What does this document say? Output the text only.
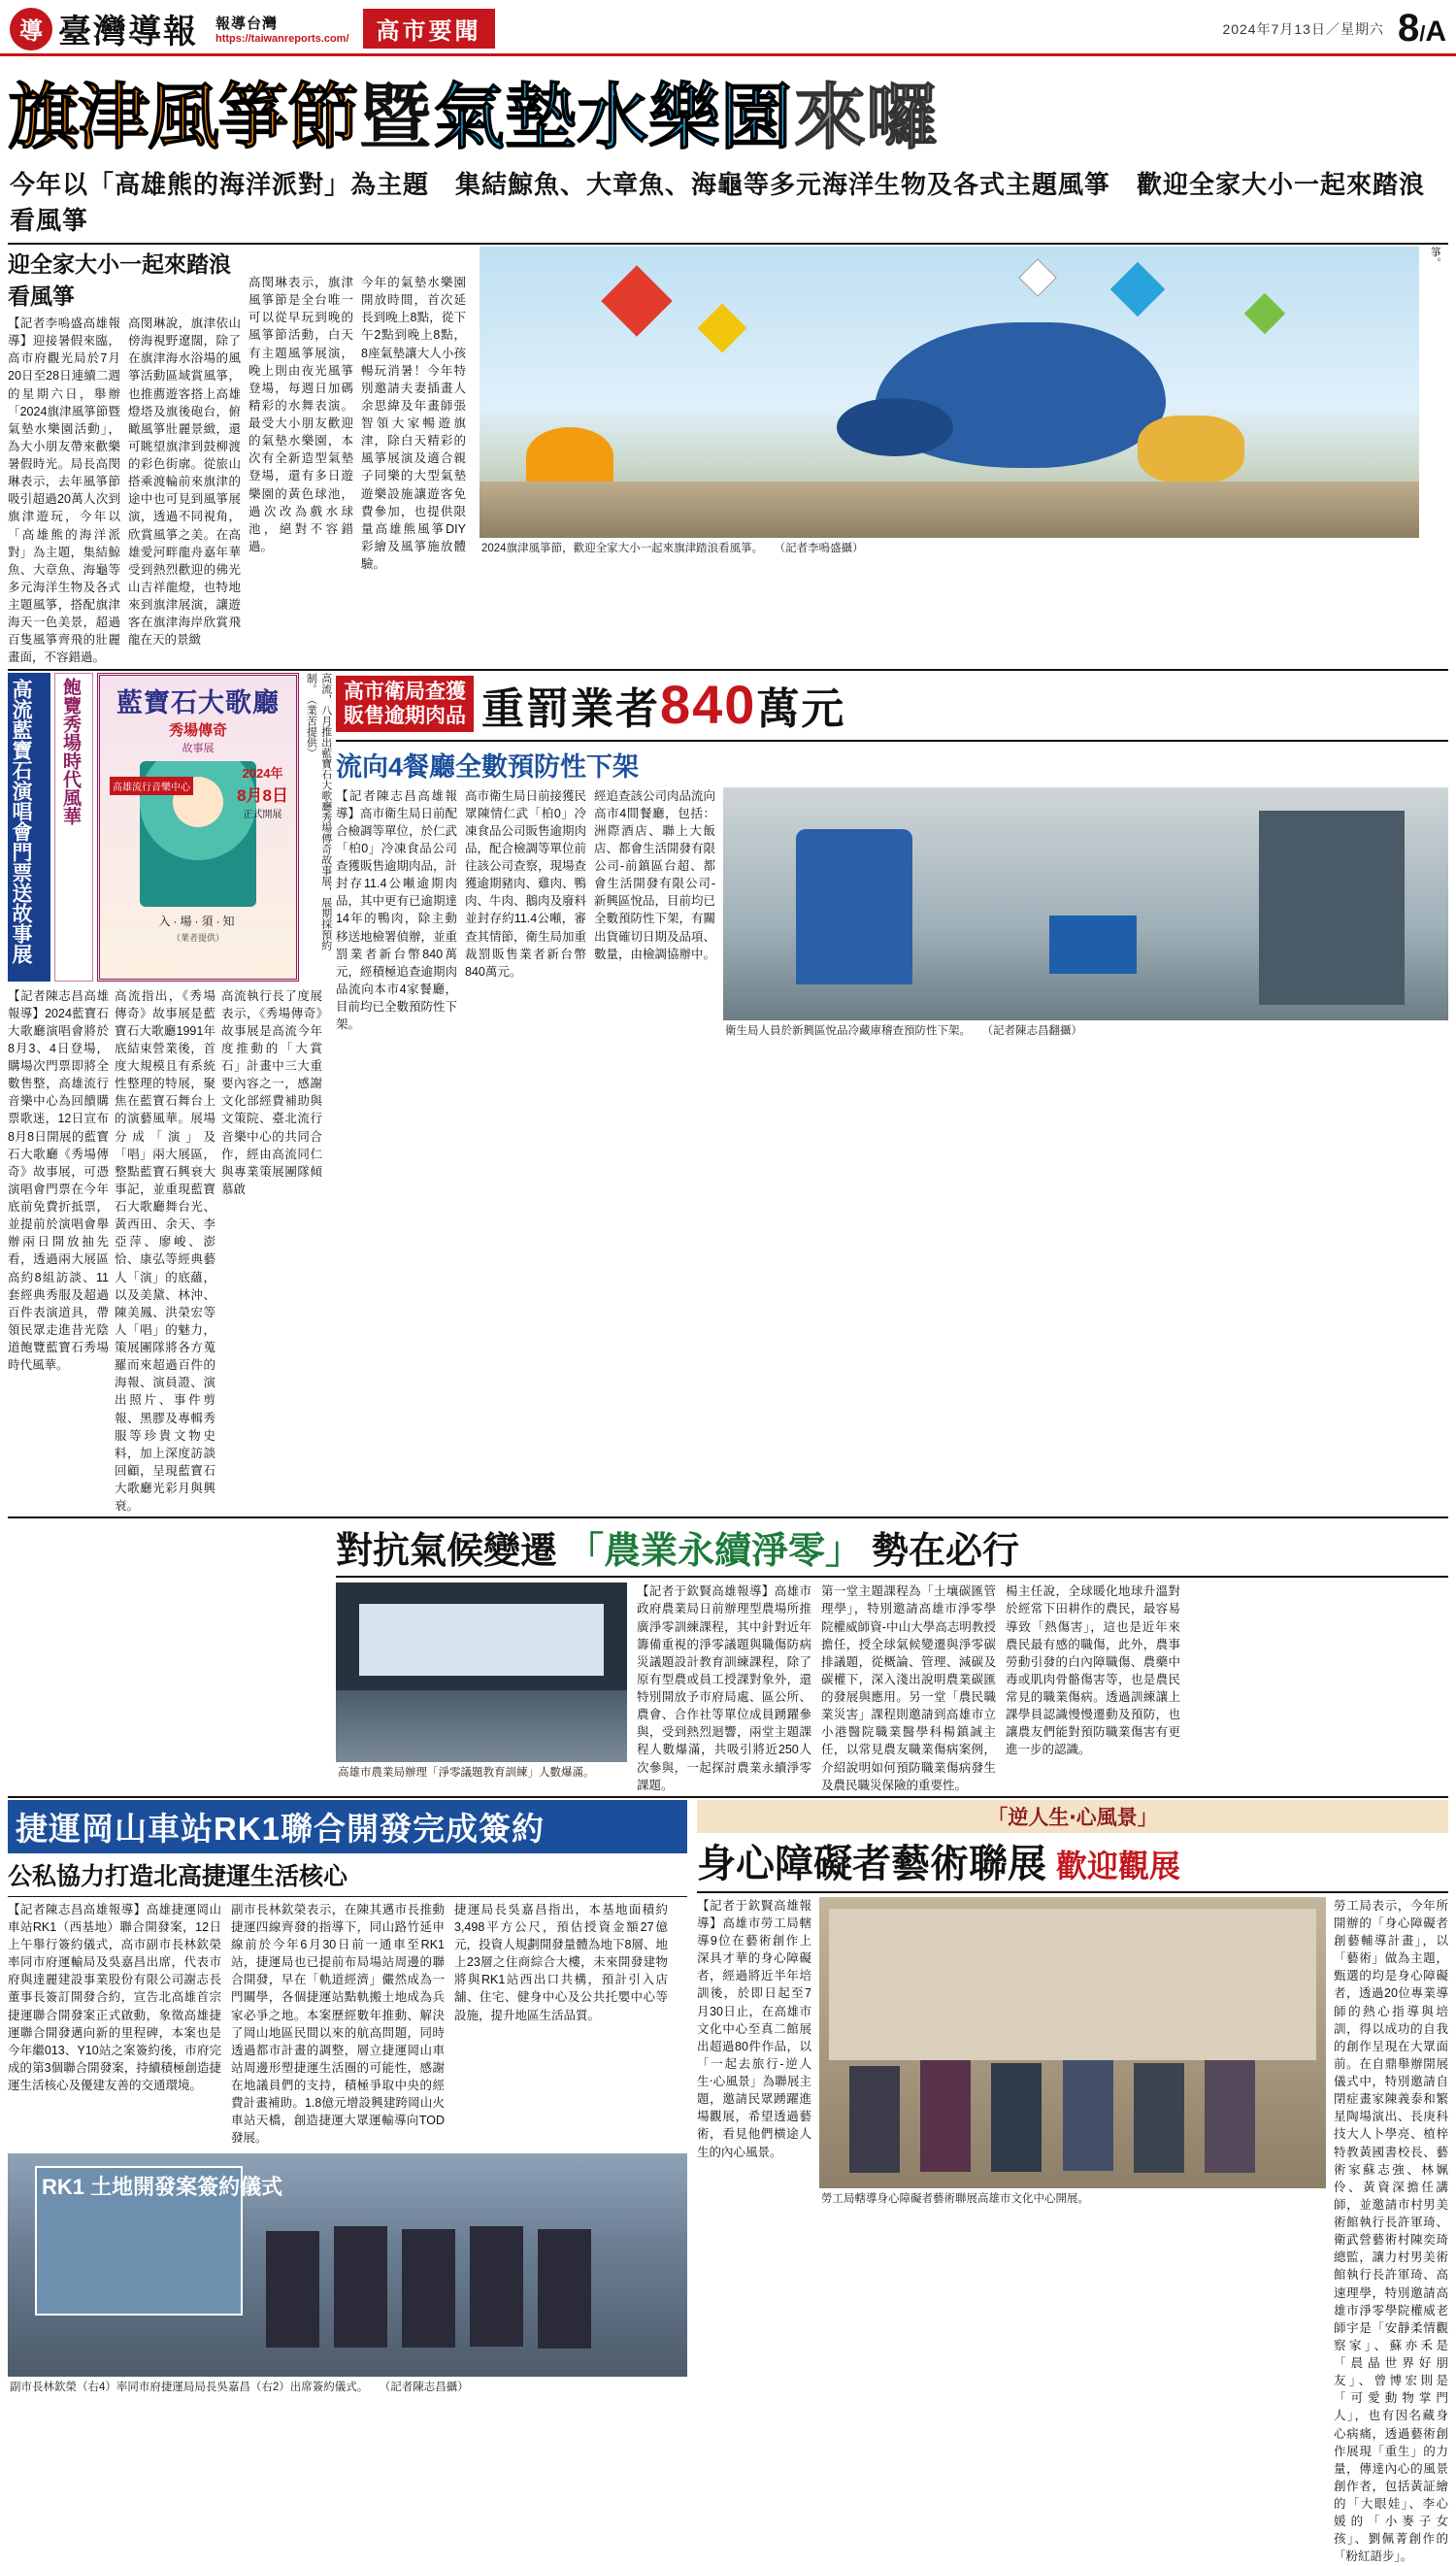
導 臺灣導報 報導台灣
https://taiwanreports.com/	高市要聞	2024年7月13日／星期六 8/A
旗津風箏節 暨 氣墊水樂園 來囉
今年以「高雄熊的海洋派對」為主題　集結鯨魚、大章魚、海龜等多元海洋生物及各式主題風箏　歡迎全家大小一起來踏浪看風箏
迎全家大小一起來踏浪看風箏
【記者李嗚盛高雄報導】迎接暑假來臨，高市府觀光局於7月20日至28日連續二週的星期六日，舉辦「2024旗津風箏節暨氣墊水樂園活動」，為大小朋友帶來歡樂暑假時光。局長高閔琳表示，去年風箏節吸引超過20萬人次到旗津遊玩，今年以「高雄熊的海洋派對」為主題，集結鯨魚、大章魚、海龜等多元海洋生物及各式主題風箏，搭配旗津海天一色美景，超過百隻風箏齊飛的壯麗畫面，不容錯過。
高閔琳說，旗津依山傍海視野遼闊，除了在旗津海水浴場的風箏活動區域賞風箏，也推薦遊客搭上高雄燈塔及旗後砲台，俯瞰風箏壯麗景緻，還可眺望旗津到鼓柳渡的彩色街廓。從旅山搭乘渡輪前來旗津的途中也可見到風箏展演，透過不同視角，欣賞風箏之美。在高雄愛河畔龍舟嘉年華受到熱烈歡迎的佛光山吉祥龍燈，也特地來到旗津展演，讓遊客在旗津海岸欣賞飛龍在天的景緻
高閔琳表示，旗津風箏節是全台唯一可以從早玩到晚的風箏節活動，白天有主題風箏展演，晚上則由夜光風箏登場，每週日加碼精彩的水舞表演。最受大小朋友歡迎的氣墊水樂園，本次有全新造型氣墊登場，還有多日遊樂園的黃色球池，過次改為戲水球池，絕對不容錯過。
今年的氣墊水樂園開放時間，首次延長到晚上8點，從下午2點到晚上8點，8座氣墊讓大人小孩暢玩消暑！今年特別邀請夫妻插畫人余思緯及年畫師張智領大家暢遊旗津，除白天精彩的風箏展演及適合親子同樂的大型氣墊遊樂設施讓遊客免費參加，也提供限量高雄熊風箏DIY彩繪及風箏施放體驗。
2024旗津風箏節，歡迎全家大小一起來旗津踏浪看風箏。　　（記者李嗚盛攝）
箏。
高流藍寶石演唱會門票送故事展 飽覽秀場時代風華	藍寶石大歌廳
秀場傳奇
故事展
2024年
8月8日
正式開展
高雄流行音樂中心
入·場·須·知
（業者提供）	高流，八月推出藍寶石大歌廳秀場傳奇故事展，展期採預約制。　（業苦提供）
【記者陳志昌高雄報導】2024藍寶石大歌廳演唱會將於8月3、4日登場，購場次門票即將全數售整，高雄流行音樂中心為回饋購票歌迷，12日宣布8月8日開展的藍寶石大歌廳《秀場傳奇》故事展，可憑演唱會門票在今年底前免費折抵票，並提前於演唱會舉辦兩日開放抽先看，透過兩大展區高約8組訪談、11套經典秀服及超過百件表演道具，帶領民眾走進昔光陰道飽覽藍寶石秀場時代風華。
高流指出，《秀場傳奇》故事展是藍寶石大歌廳1991年底結束營業後，首度大規模且有系統性整理的特展，聚焦在藍寶石舞台上的演藝風華。展場分成「演」及「唱」兩大展區，整點藍寶石興衰大事記，並重現藍寶石大歌廳舞台光、黃西田、余天、李亞萍、廖峻、澎恰、康弘等經典藝人「演」的底蘊，以及美黛、林沖、陳美鳳、洪榮宏等人「唱」的魅力，策展團隊將各方蒐羅而來超過百件的海報、演員證、演出照片、事件剪報、黑膠及專輯秀服等珍貴文物史料，加上深度訪談回顧，呈現藍寶石大歌廳光彩月與興衰。
高流執行長了度展表示，《秀場傳奇》故事展是高流今年度推動的「大賞石」計畫中三大重要內容之一，感謝文化部經費補助與文策院、臺北流行音樂中心的共同合作，經由高流同仁與專業策展團隊傾慕啟
高市衛局查獲
販售逾期肉品 重罰業者 840 萬元
流向4餐廳全數預防性下架
【記者陳志昌高雄報導】高市衛生局日前配合檢調等單位，於仁武「柏0」冷凍食品公司查獲販售逾期肉品，計封存11.4公噸逾期肉品，其中更有已逾期達14年的鴨肉，除主動移送地檢署偵辦，並重罰業者新台幣840萬元，經積極追查逾期肉品流向本市4家餐廳，目前均已全數預防性下架。
高市衛生局日前接獲民眾陳情仁武「柏0」冷凍食品公司販售逾期肉品，配合檢調等單位前往該公司查察，現場查獲逾期豬肉、雞肉、鴨肉、牛肉、鵝肉及廢料並封存約11.4公噸，審查其情節，衛生局加重裁罰販售業者新台幣840萬元。
經追查該公司肉品流向高市4間餐廳，包括：洲際酒店、聯上大飯店、都會生活開發有限公司-前鎮區台超、都會生活開發有限公司-新興區悅品，目前均已全數預防性下架，有關出貨確切日期及品項、數量，由檢調協辦中。
衛生局人員於新興區悅品冷藏庫稽查預防性下架。　　（記者陳志昌翻攝）
對抗氣候變遷 「農業永續淨零」 勢在必行
高雄市農業局辦理「淨零議題教育訓練」人數爆滿。
【記者于欽賢高雄報導】高雄市政府農業局日前辦理型農場所推廣淨零訓練課程，其中針對近年籌備重視的淨零議題與職傷防病災議題設計教育訓練課程，除了原有型農或員工授課對象外，還特別開放予市府局處、區公所、農會、合作社等單位成員踴躍參與，受到熱烈迴響，兩堂主題課程人數爆滿，共吸引將近250人次參與，一起探討農業永續淨零課題。
第一堂主題課程為「土壤碳匯管理學」，特別邀請高雄市淨零學院權威師資-中山大學高志明教授擔任，授全球氣候變遷與淨零碳排議題，從概論、管理、減碳及碳權下，深入淺出說明農業碳匯的發展與應用。另一堂「農民職業災害」課程則邀請到高雄市立小港醫院職業醫學科楊鎮誠主任，以常見農友職業傷病案例，介紹說明如何預防職業傷病發生及農民職災保險的重要性。
楊主任說，全球暖化地球升溫對於經常下田耕作的農民，最容易導致「熱傷害」，這也是近年來農民最有感的職傷，此外，農事勞動引發的白內障職傷、農藥中毒或肌肉骨骼傷害等，也是農民常見的職業傷病。透過訓練讓上課學員認識慢慢遷動及預防，也讓農友們能對預防職業傷害有更進一步的認識。
捷運岡山車站RK1聯合開發完成簽約
公私協力打造北高捷運生活核心
【記者陳志昌高雄報導】高雄捷運岡山車站RK1（西基地）聯合開發案，12日上午舉行簽約儀式，高市副市長林欽榮率同市府運輸局及吳嘉昌出席，代表市府與達麗建設事業股份有限公司謝志長董事長簽訂開發合約，宣告北高雄首宗捷運聯合開發案正式啟動，象徵高雄捷運聯合開發邁向新的里程碑，本案也是今年繼013、Y10站之案簽約後，市府完成的第3個聯合開發案，持續積極創造捷運生活核心及優建友善的交通環境。
副市長林欽榮表示，在陳其邁市長推動捷運四線齊發的指導下，同山路竹延申線前於今年6月30日前一通車至RK1站，捷運局也已提前布局場站周邊的聯合開發，早在「軌道經濟」儼然成為一門關學，各個捷運站點軌搬土地成為兵家必爭之地。本案歷經數年推動、解決了岡山地區民間以來的航高問題，同時透過都市計畫的調整，層立捷運岡山車站周邊形塑捷運生活圈的可能性，感謝在地議員們的支持，積極爭取中央的經費計畫補助。1.8億元增設興建跨岡山火車站天橋，創造捷運大眾運輸導向TOD發展。
捷運局長吳嘉昌指出，本基地面積約3,498平方公尺，預估授資金額27億元，投資人規劃開發量體為地下8層、地上23層之住商綜合大樓，未來開發建物將與RK1站西出口共構，預計引入店舖、住宅、健身中心及公共托嬰中心等設施，提升地區生活品質。
RK1 土地開發案簽約儀式
副市長林欽榮（右4）率同市府捷運局局長吳嘉昌（右2）出席簽約儀式。　　（記者陳志昌攝）
「逆人生‧心風景」
身心障礙者藝術聯展 歡迎觀展
【記者于欽賢高雄報導】高雄市勞工局轄導9位在藝術創作上深具才華的身心障礙者，經過將近半年培訓後，於即日起至7月30日止，在高雄市文化中心至真二館展出超過80件作品，以「一起去旅行-逆人生‧心風景」為聯展主題，邀請民眾踴躍進場觀展，希望透過藝術，看見他們横途人生的內心風景。
勞工局轄導身心障礙者藝術聯展高雄市文化中心開展。
勞工局表示，今年所開辦的「身心障礙者創藝輔導計畫」，以「藝術」做為主題，甄選的均是身心障礙者，透過20位專業導師的熱心指導與培訓，得以成功的自我的創作呈現在大眾面前。在自鼎舉辦開展儀式中，特別邀請自閉症畫家陳義泰和繁星陶場演出、長庚科技大人卜學亮、植梓特教黃國書校長、藝術家蘇志強、林姵伶、黃資深擔任講師，並邀請市村男美術館執行長許軍琦、衛武營藝術村陳奕琦總監，讓力村男美術館執行長許軍琦、高速理學，特別邀請高雄市淨零學院權威老師宇是「安靜柔情觀察家」、蘇亦禾是「晨晶世界好朋友」、曾博宏則是「可愛動物掌門人」，也有因名藏身心病痛，透過藝術創作展現「重生」的力量，傳達內心的風景創作者，包括黃証繪的「大眼娃」、李心媛的「小麥子女孩」、劉佩菁創作的「粉紅語步」。
